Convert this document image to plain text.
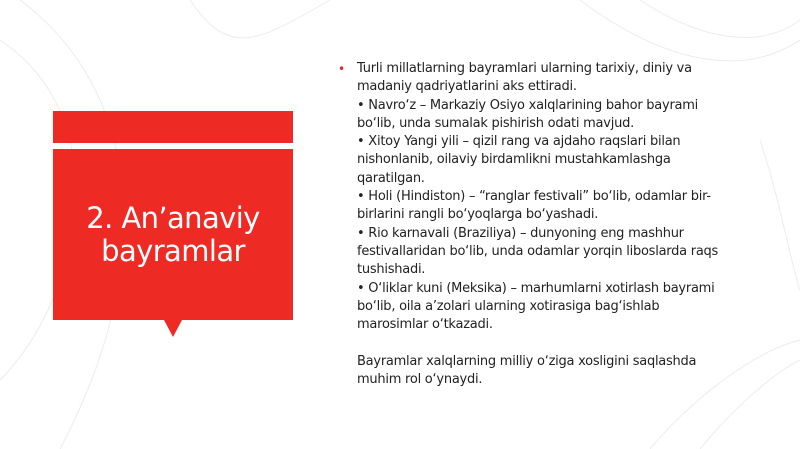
2. An’anaviy
bayramlar
• Turli millatlarning bayramlari ularning tarixiy, diniy va
madaniy qadriyatlarini aks ettiradi.
• Navro‘z – Markaziy Osiyo xalqlarining bahor bayrami
bo‘lib, unda sumalak pishirish odati mavjud.
• Xitoy Yangi yili – qizil rang va ajdaho raqslari bilan
nishonlanib, oilaviy birdamlikni mustahkamlashga
qaratilgan.
• Holi (Hindiston) – “ranglar festivali” bo‘lib, odamlar bir-
birlarini rangli bo‘yoqlarga bo‘yashadi.
• Rio karnavali (Braziliya) – dunyoning eng mashhur
festivallaridan bo‘lib, unda odamlar yorqin liboslarda raqs
tushishadi.
• O‘liklar kuni (Meksika) – marhumlarni xotirlash bayrami
bo‘lib, oila a’zolari ularning xotirasiga bag‘ishlab
marosimlar o‘tkazadi.
Bayramlar xalqlarning milliy o‘ziga xosligini saqlashda
muhim rol o‘ynaydi.
